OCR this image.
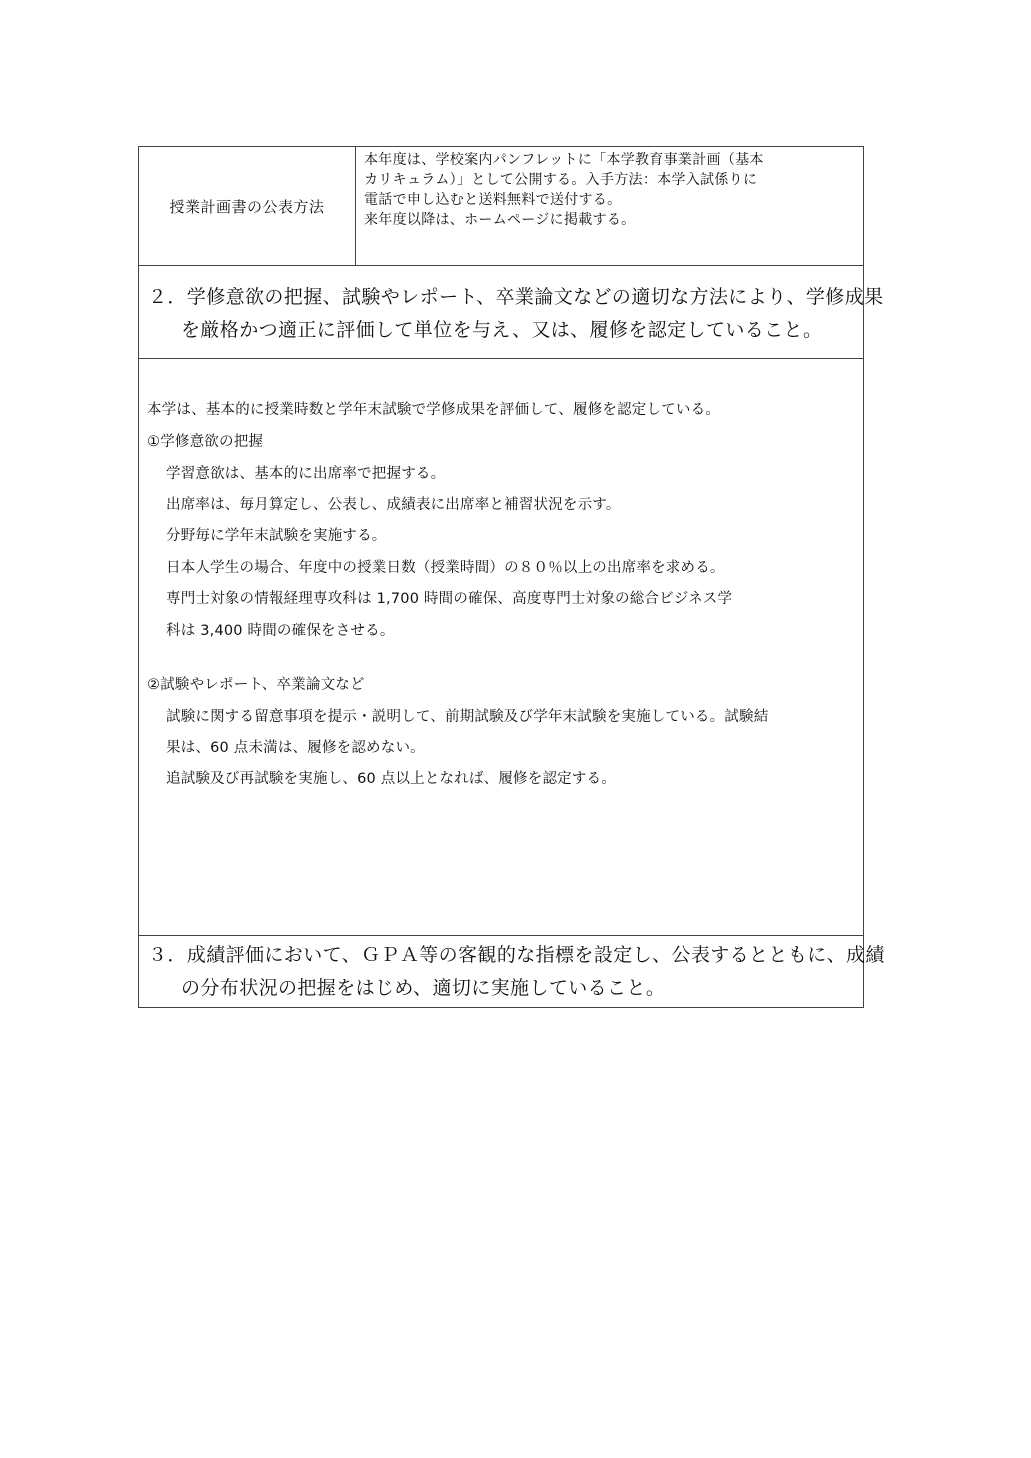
授業計画書の公表方法
本年度は、学校案内パンフレットに「本学教育事業計画（基本
カリキュラム）」として公開する。入手方法：本学入試係りに
電話で申し込むと送料無料で送付する。
来年度以降は、ホームページに掲載する。
２．学修意欲の把握、試験やレポート、卒業論文などの適切な方法により、学修成果
を厳格かつ適正に評価して単位を与え、又は、履修を認定していること。
本学は、基本的に授業時数と学年末試験で学修成果を評価して、履修を認定している。
①学修意欲の把握
学習意欲は、基本的に出席率で把握する。
出席率は、毎月算定し、公表し、成績表に出席率と補習状況を示す。
分野毎に学年末試験を実施する。
日本人学生の場合、年度中の授業日数（授業時間）の８０％以上の出席率を求める。
専門士対象の情報経理専攻科は 1,700 時間の確保、高度専門士対象の総合ビジネス学
科は 3,400 時間の確保をさせる。
②試験やレポート、卒業論文など
試験に関する留意事項を提示・説明して、前期試験及び学年末試験を実施している。試験結
果は、60 点未満は、履修を認めない。
追試験及び再試験を実施し、60 点以上となれば、履修を認定する。
３．成績評価において、ＧＰＡ等の客観的な指標を設定し、公表するとともに、成績
の分布状況の把握をはじめ、適切に実施していること。
